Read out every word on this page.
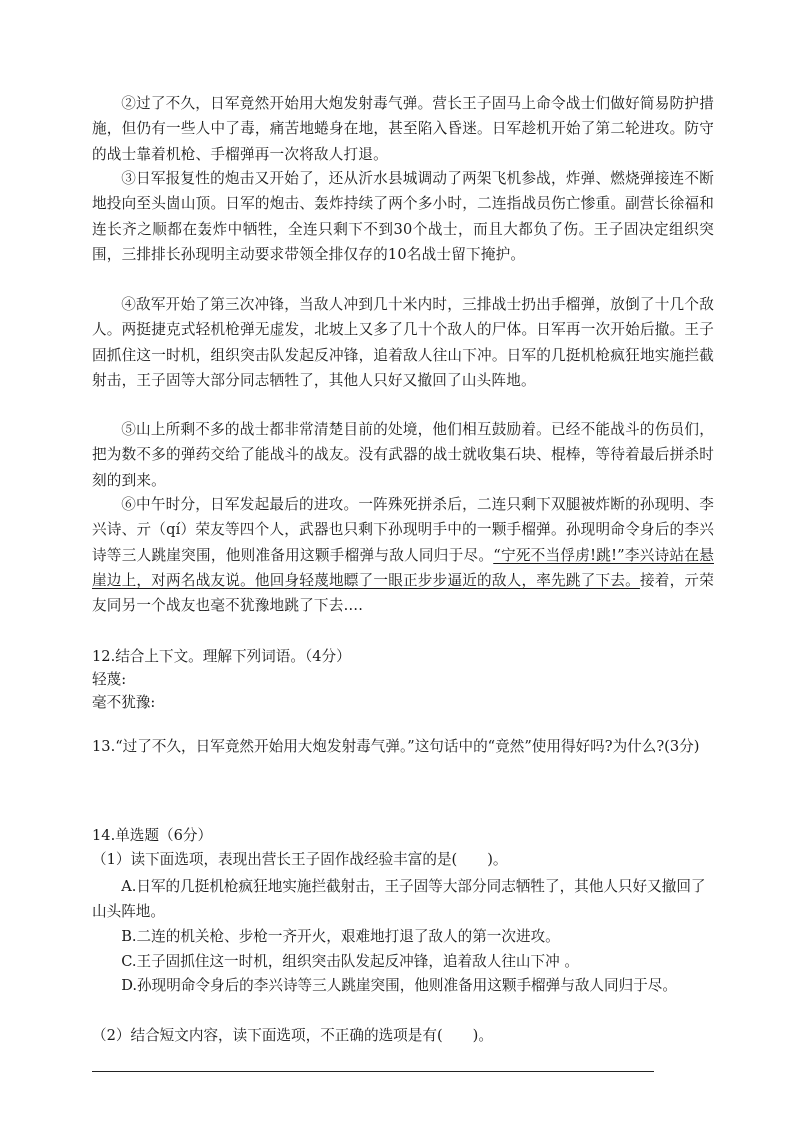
②过了不久，日军竟然开始用大炮发射毒气弹。营长王子固马上命令战士们做好简易防护措施，但仍有一些人中了毒，痛苦地蜷身在地，甚至陷入昏迷。日军趁机开始了第二轮进攻。防守的战士靠着机枪、手榴弹再一次将敌人打退。

③日军报复性的炮击又开始了，还从沂水县城调动了两架飞机参战，炸弹、燃烧弹接连不断地投向至头崮山顶。日军的炮击、轰炸持续了两个多小时，二连指战员伤亡惨重。副营长徐福和连长齐之顺都在轰炸中牺牲，全连只剩下不到30个战士，而且大都负了伤。王子固决定组织突围，三排排长孙现明主动要求带领全排仅存的10名战士留下掩护。

④敌军开始了第三次冲锋，当敌人冲到几十米内时，三排战士扔出手榴弹，放倒了十几个敌人。两挺捷克式轻机枪弹无虚发，北坡上又多了几十个敌人的尸体。日军再一次开始后撤。王子固抓住这一时机，组织突击队发起反冲锋，追着敌人往山下冲。日军的几挺机枪疯狂地实施拦截射击，王子固等大部分同志牺牲了，其他人只好又撤回了山头阵地。

⑤山上所剩不多的战士都非常清楚目前的处境，他们相互鼓励着。已经不能战斗的伤员们，把为数不多的弹药交给了能战斗的战友。没有武器的战士就收集石块、棍棒，等待着最后拼杀时刻的到来。

⑥中午时分，日军发起最后的进攻。一阵殊死拼杀后，二连只剩下双腿被炸断的孙现明、李兴诗、亓（qí）荣友等四个人，武器也只剩下孙现明手中的一颗手榴弹。孙现明命令身后的李兴诗等三人跳崖突围，他则准备用这颗手榴弹与敌人同归于尽。“宁死不当俘虏!跳!”李兴诗站在悬崖边上，对两名战友说。他回身轻蔑地瞟了一眼正步步逼近的敌人，率先跳了下去。接着，亓荣友同另一个战友也毫不犹豫地跳了下去….

12.结合上下文。理解下列词语。（4分）

轻蔑:

毫不犹豫:

13.“过了不久，日军竟然开始用大炮发射毒气弹。”这句话中的“竟然”使用得好吗?为什么?(3分)

14.单选题（6分）

（1）读下面选项，表现出营长王子固作战经验丰富的是( )。

A.日军的几挺机枪疯狂地实施拦截射击，王子固等大部分同志牺牲了，其他人只好又撤回了山头阵地。

B.二连的机关枪、步枪一齐开火，艰难地打退了敌人的第一次进攻。

C.王子固抓住这一时机，组织突击队发起反冲锋，追着敌人往山下冲 。

D.孙现明命令身后的李兴诗等三人跳崖突围，他则准备用这颗手榴弹与敌人同归于尽。

（2）结合短文内容，读下面选项，不正确的选项是有( )。
